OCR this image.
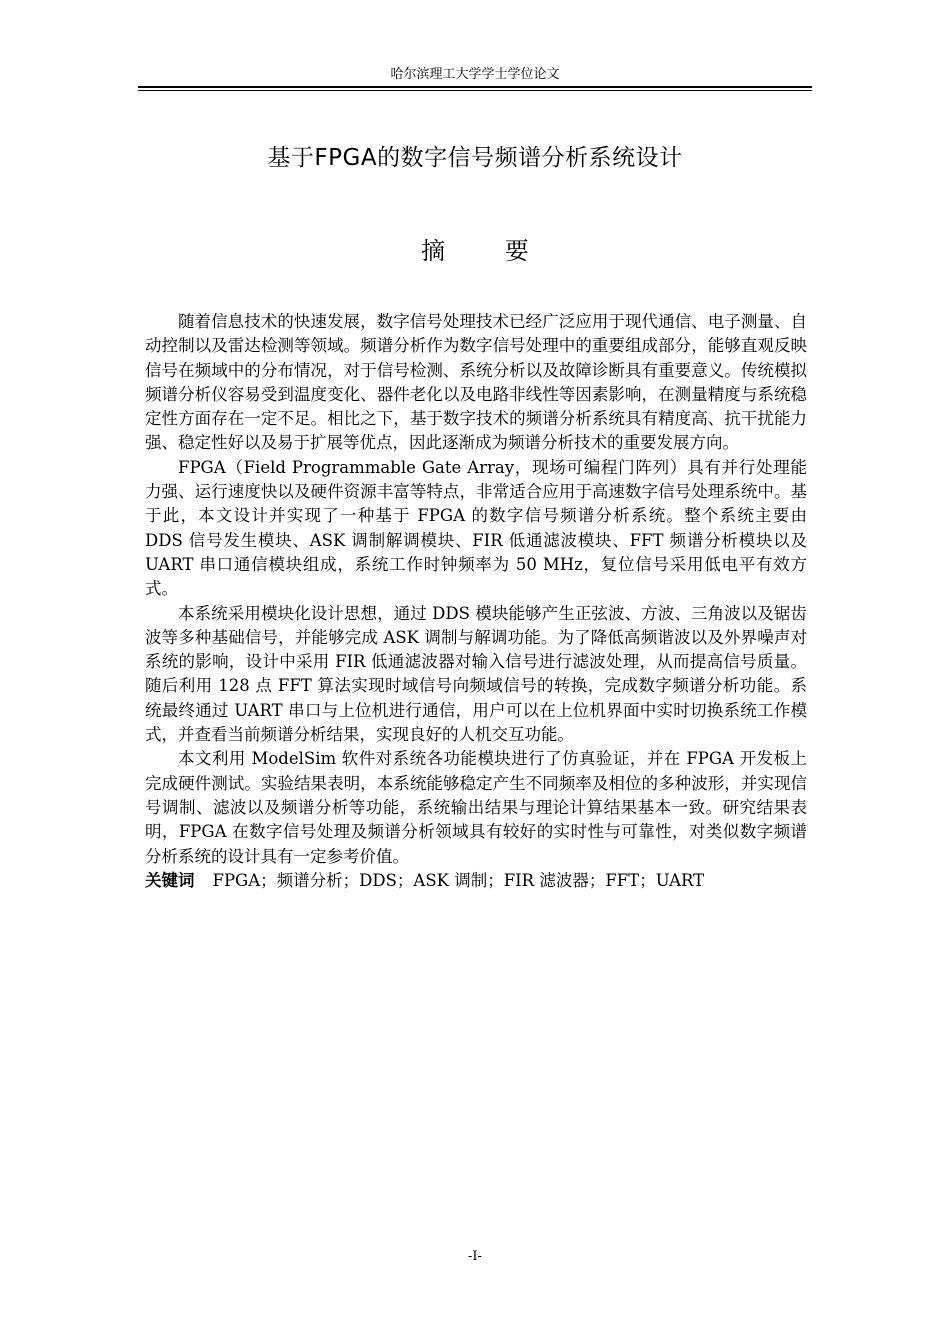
哈尔滨理工大学学士学位论文
基于FPGA的数字信号频谱分析系统设计
摘 要

随着信息技术的快速发展，数字信号处理技术已经广泛应用于现代通信、电子测量、自动控制以及雷达检测等领域。频谱分析作为数字信号处理中的重要组成部分，能够直观反映信号在频域中的分布情况，对于信号检测、系统分析以及故障诊断具有重要意义。传统模拟频谱分析仪容易受到温度变化、器件老化以及电路非线性等因素影响，在测量精度与系统稳定性方面存在一定不足。相比之下，基于数字技术的频谱分析系统具有精度高、抗干扰能力强、稳定性好以及易于扩展等优点，因此逐渐成为频谱分析技术的重要发展方向。

FPGA（Field Programmable Gate Array，现场可编程门阵列）具有并行处理能力强、运行速度快以及硬件资源丰富等特点，非常适合应用于高速数字信号处理系统中。基于此，本文设计并实现了一种基于 FPGA 的数字信号频谱分析系统。整个系统主要由 DDS 信号发生模块、ASK 调制解调模块、FIR 低通滤波模块、FFT 频谱分析模块以及 UART 串口通信模块组成，系统工作时钟频率为 50 MHz，复位信号采用低电平有效方式。

本系统采用模块化设计思想，通过 DDS 模块能够产生正弦波、方波、三角波以及锯齿波等多种基础信号，并能够完成 ASK 调制与解调功能。为了降低高频谐波以及外界噪声对系统的影响，设计中采用 FIR 低通滤波器对输入信号进行滤波处理，从而提高信号质量。随后利用 128 点 FFT 算法实现时域信号向频域信号的转换，完成数字频谱分析功能。系统最终通过 UART 串口与上位机进行通信，用户可以在上位机界面中实时切换系统工作模式，并查看当前频谱分析结果，实现良好的人机交互功能。

本文利用 ModelSim 软件对系统各功能模块进行了仿真验证，并在 FPGA 开发板上完成硬件测试。实验结果表明，本系统能够稳定产生不同频率及相位的多种波形，并实现信号调制、滤波以及频谱分析等功能，系统输出结果与理论计算结果基本一致。研究结果表明，FPGA 在数字信号处理及频谱分析领域具有较好的实时性与可靠性，对类似数字频谱分析系统的设计具有一定参考价值。

关键词 FPGA；频谱分析；DDS；ASK 调制；FIR 滤波器；FFT；UART

-I-
